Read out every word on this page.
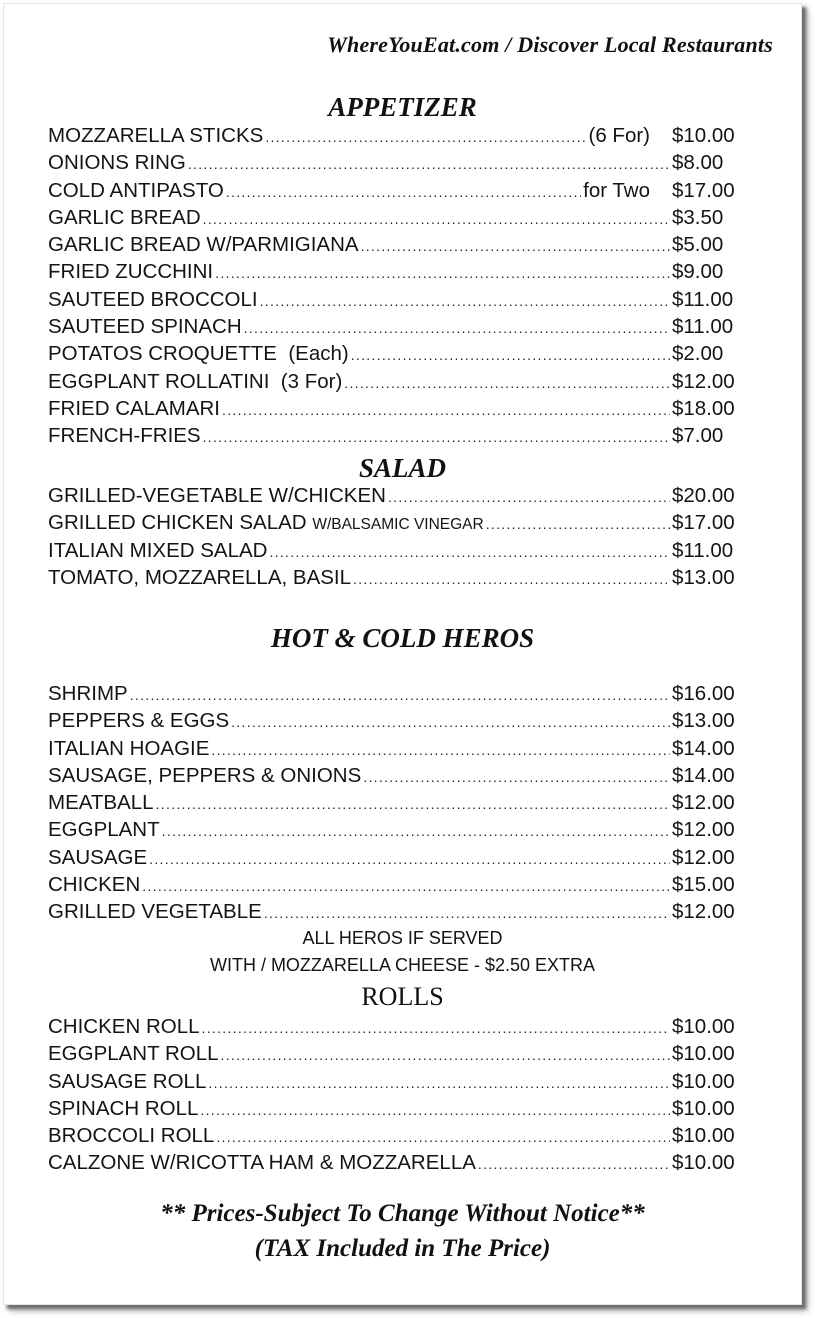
WhereYouEat.com / Discover Local Restaurants
APPETIZER
MOZZARELLA STICKS .....	(6 For) $10.00
ONIONS RING .....	$8.00
COLD ANTIPASTO .....	for Two $17.00
GARLIC BREAD .....	$3.50
GARLIC BREAD W/PARMIGIANA .....	$5.00
FRIED ZUCCHINI .....	$9.00
SAUTEED BROCCOLI .....	$11.00
SAUTEED SPINACH .....	$11.00
POTATOS CROQUETTE  (Each) .....	$2.00
EGGPLANT ROLLATINI  (3 For) .....	$12.00
FRIED CALAMARI .....	$18.00
FRENCH-FRIES .....	$7.00
SALAD
GRILLED-VEGETABLE W/CHICKEN .....	$20.00
GRILLED CHICKEN SALAD W/BALSAMIC VINEGAR .....	$17.00
ITALIAN MIXED SALAD .....	$11.00
TOMATO, MOZZARELLA, BASIL .....	$13.00
HOT & COLD HEROS
SHRIMP .....	$16.00
PEPPERS & EGGS .....	$13.00
ITALIAN HOAGIE .....	$14.00
SAUSAGE, PEPPERS & ONIONS .....	$14.00
MEATBALL .....	$12.00
EGGPLANT .....	$12.00
SAUSAGE .....	$12.00
CHICKEN .....	$15.00
GRILLED VEGETABLE .....	$12.00
ALL HEROS IF SERVED
WITH / MOZZARELLA CHEESE - $2.50 EXTRA
ROLLS
CHICKEN ROLL .....	$10.00
EGGPLANT ROLL .....	$10.00
SAUSAGE ROLL .....	$10.00
SPINACH ROLL .....	$10.00
BROCCOLI ROLL .....	$10.00
CALZONE W/RICOTTA HAM & MOZZARELLA .....	$10.00
** Prices-Subject To Change Without Notice**
(TAX Included in The Price)
